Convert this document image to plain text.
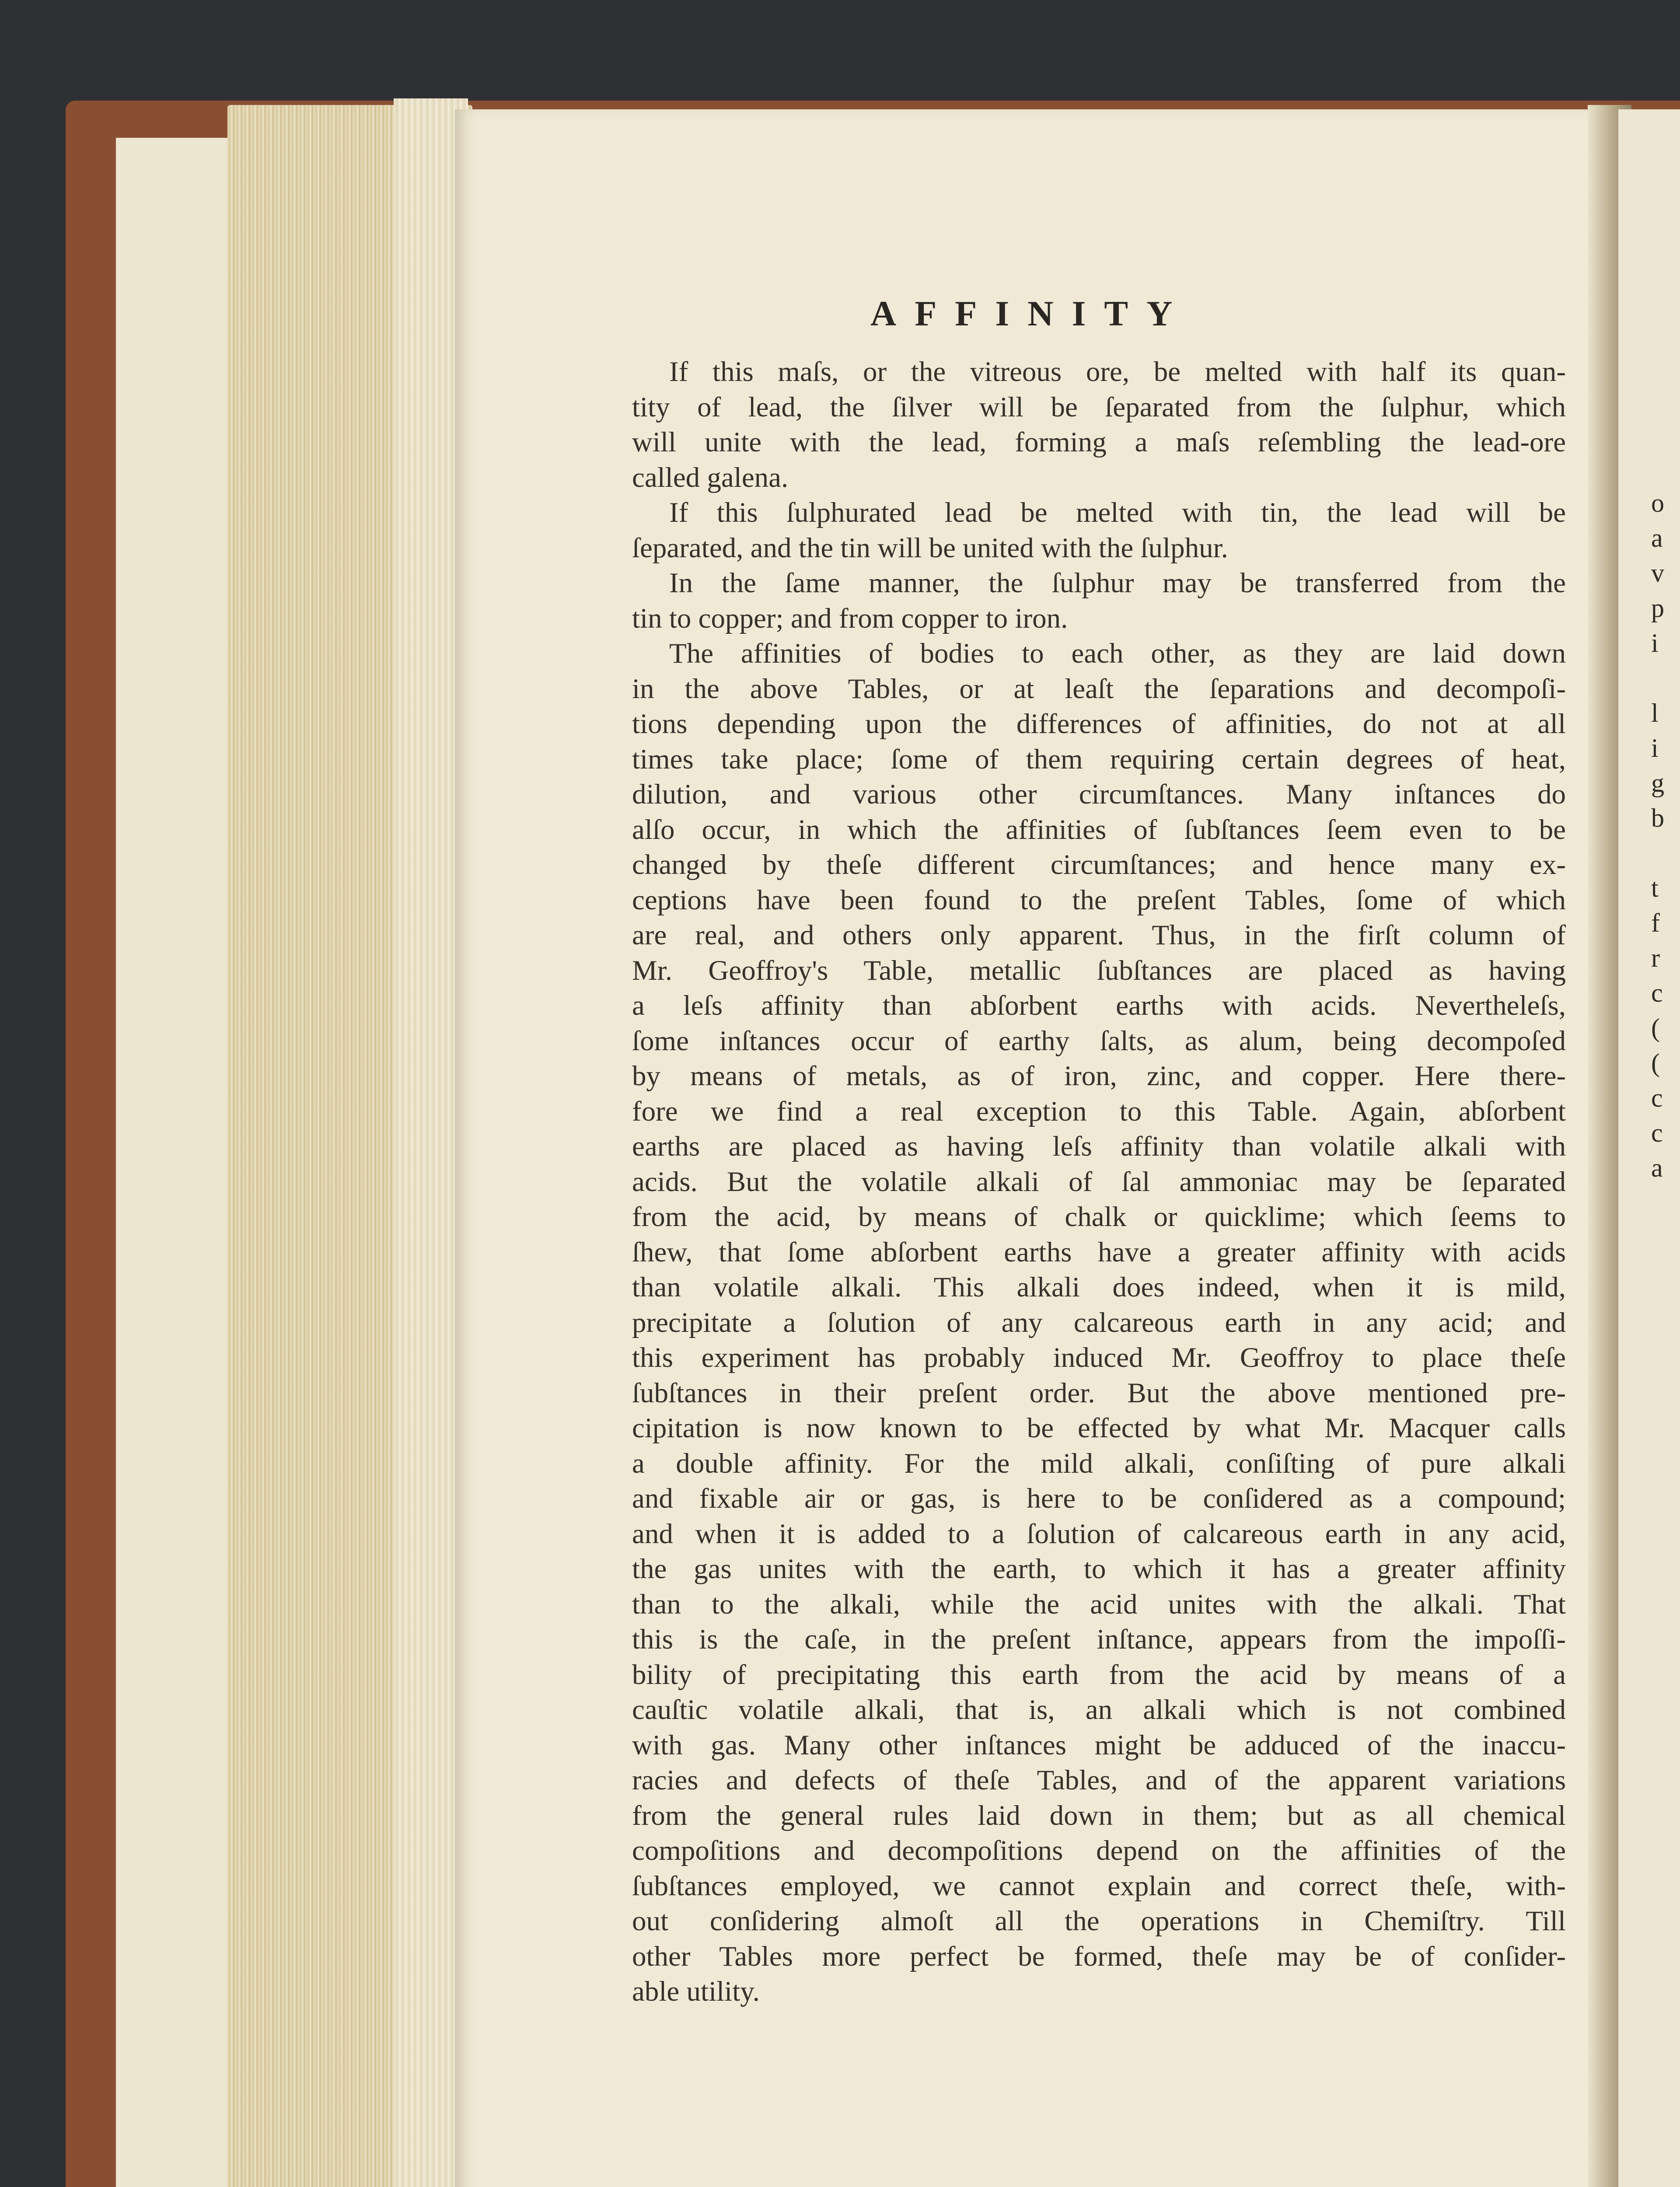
o
a
v
p
i
l
i
g
b
t
f
r
c
(
(
c
c
a
AFFINITY
If this maſs, or the vitreous ore, be melted with half its quan-
tity of lead, the ſilver will be ſeparated from the ſulphur, which
will unite with the lead, forming a maſs reſembling the lead-ore
called galena.
If this ſulphurated lead be melted with tin, the lead will be
ſeparated, and the tin will be united with the ſulphur.
In the ſame manner, the ſulphur may be transferred from the
tin to copper; and from copper to iron.
The affinities of bodies to each other, as they are laid down
in the above Tables, or at leaſt the ſeparations and decompoſi-
tions depending upon the differences of affinities, do not at all
times take place; ſome of them requiring certain degrees of heat,
dilution, and various other circumſtances. Many inſtances do
alſo occur, in which the affinities of ſubſtances ſeem even to be
changed by theſe different circumſtances; and hence many ex-
ceptions have been found to the preſent Tables, ſome of which
are real, and others only apparent. Thus, in the firſt column of
Mr. Geoffroy's Table, metallic ſubſtances are placed as having
a leſs affinity than abſorbent earths with acids. Nevertheleſs,
ſome inſtances occur of earthy ſalts, as alum, being decompoſed
by means of metals, as of iron, zinc, and copper. Here there-
fore we find a real exception to this Table. Again, abſorbent
earths are placed as having leſs affinity than volatile alkali with
acids. But the volatile alkali of ſal ammoniac may be ſeparated
from the acid, by means of chalk or quicklime; which ſeems to
ſhew, that ſome abſorbent earths have a greater affinity with acids
than volatile alkali. This alkali does indeed, when it is mild,
precipitate a ſolution of any calcareous earth in any acid; and
this experiment has probably induced Mr. Geoffroy to place theſe
ſubſtances in their preſent order. But the above mentioned pre-
cipitation is now known to be effected by what Mr. Macquer calls
a double affinity. For the mild alkali, conſiſting of pure alkali
and fixable air or gas, is here to be conſidered as a compound;
and when it is added to a ſolution of calcareous earth in any acid,
the gas unites with the earth, to which it has a greater affinity
than to the alkali, while the acid unites with the alkali. That
this is the caſe, in the preſent inſtance, appears from the impoſſi-
bility of precipitating this earth from the acid by means of a
cauſtic volatile alkali, that is, an alkali which is not combined
with gas. Many other inſtances might be adduced of the inaccu-
racies and defects of theſe Tables, and of the apparent variations
from the general rules laid down in them; but as all chemical
compoſitions and decompoſitions depend on the affinities of the
ſubſtances employed, we cannot explain and correct theſe, with-
out conſidering almoſt all the operations in Chemiſtry. Till
other Tables more perfect be formed, theſe may be of conſider-
able utility.
